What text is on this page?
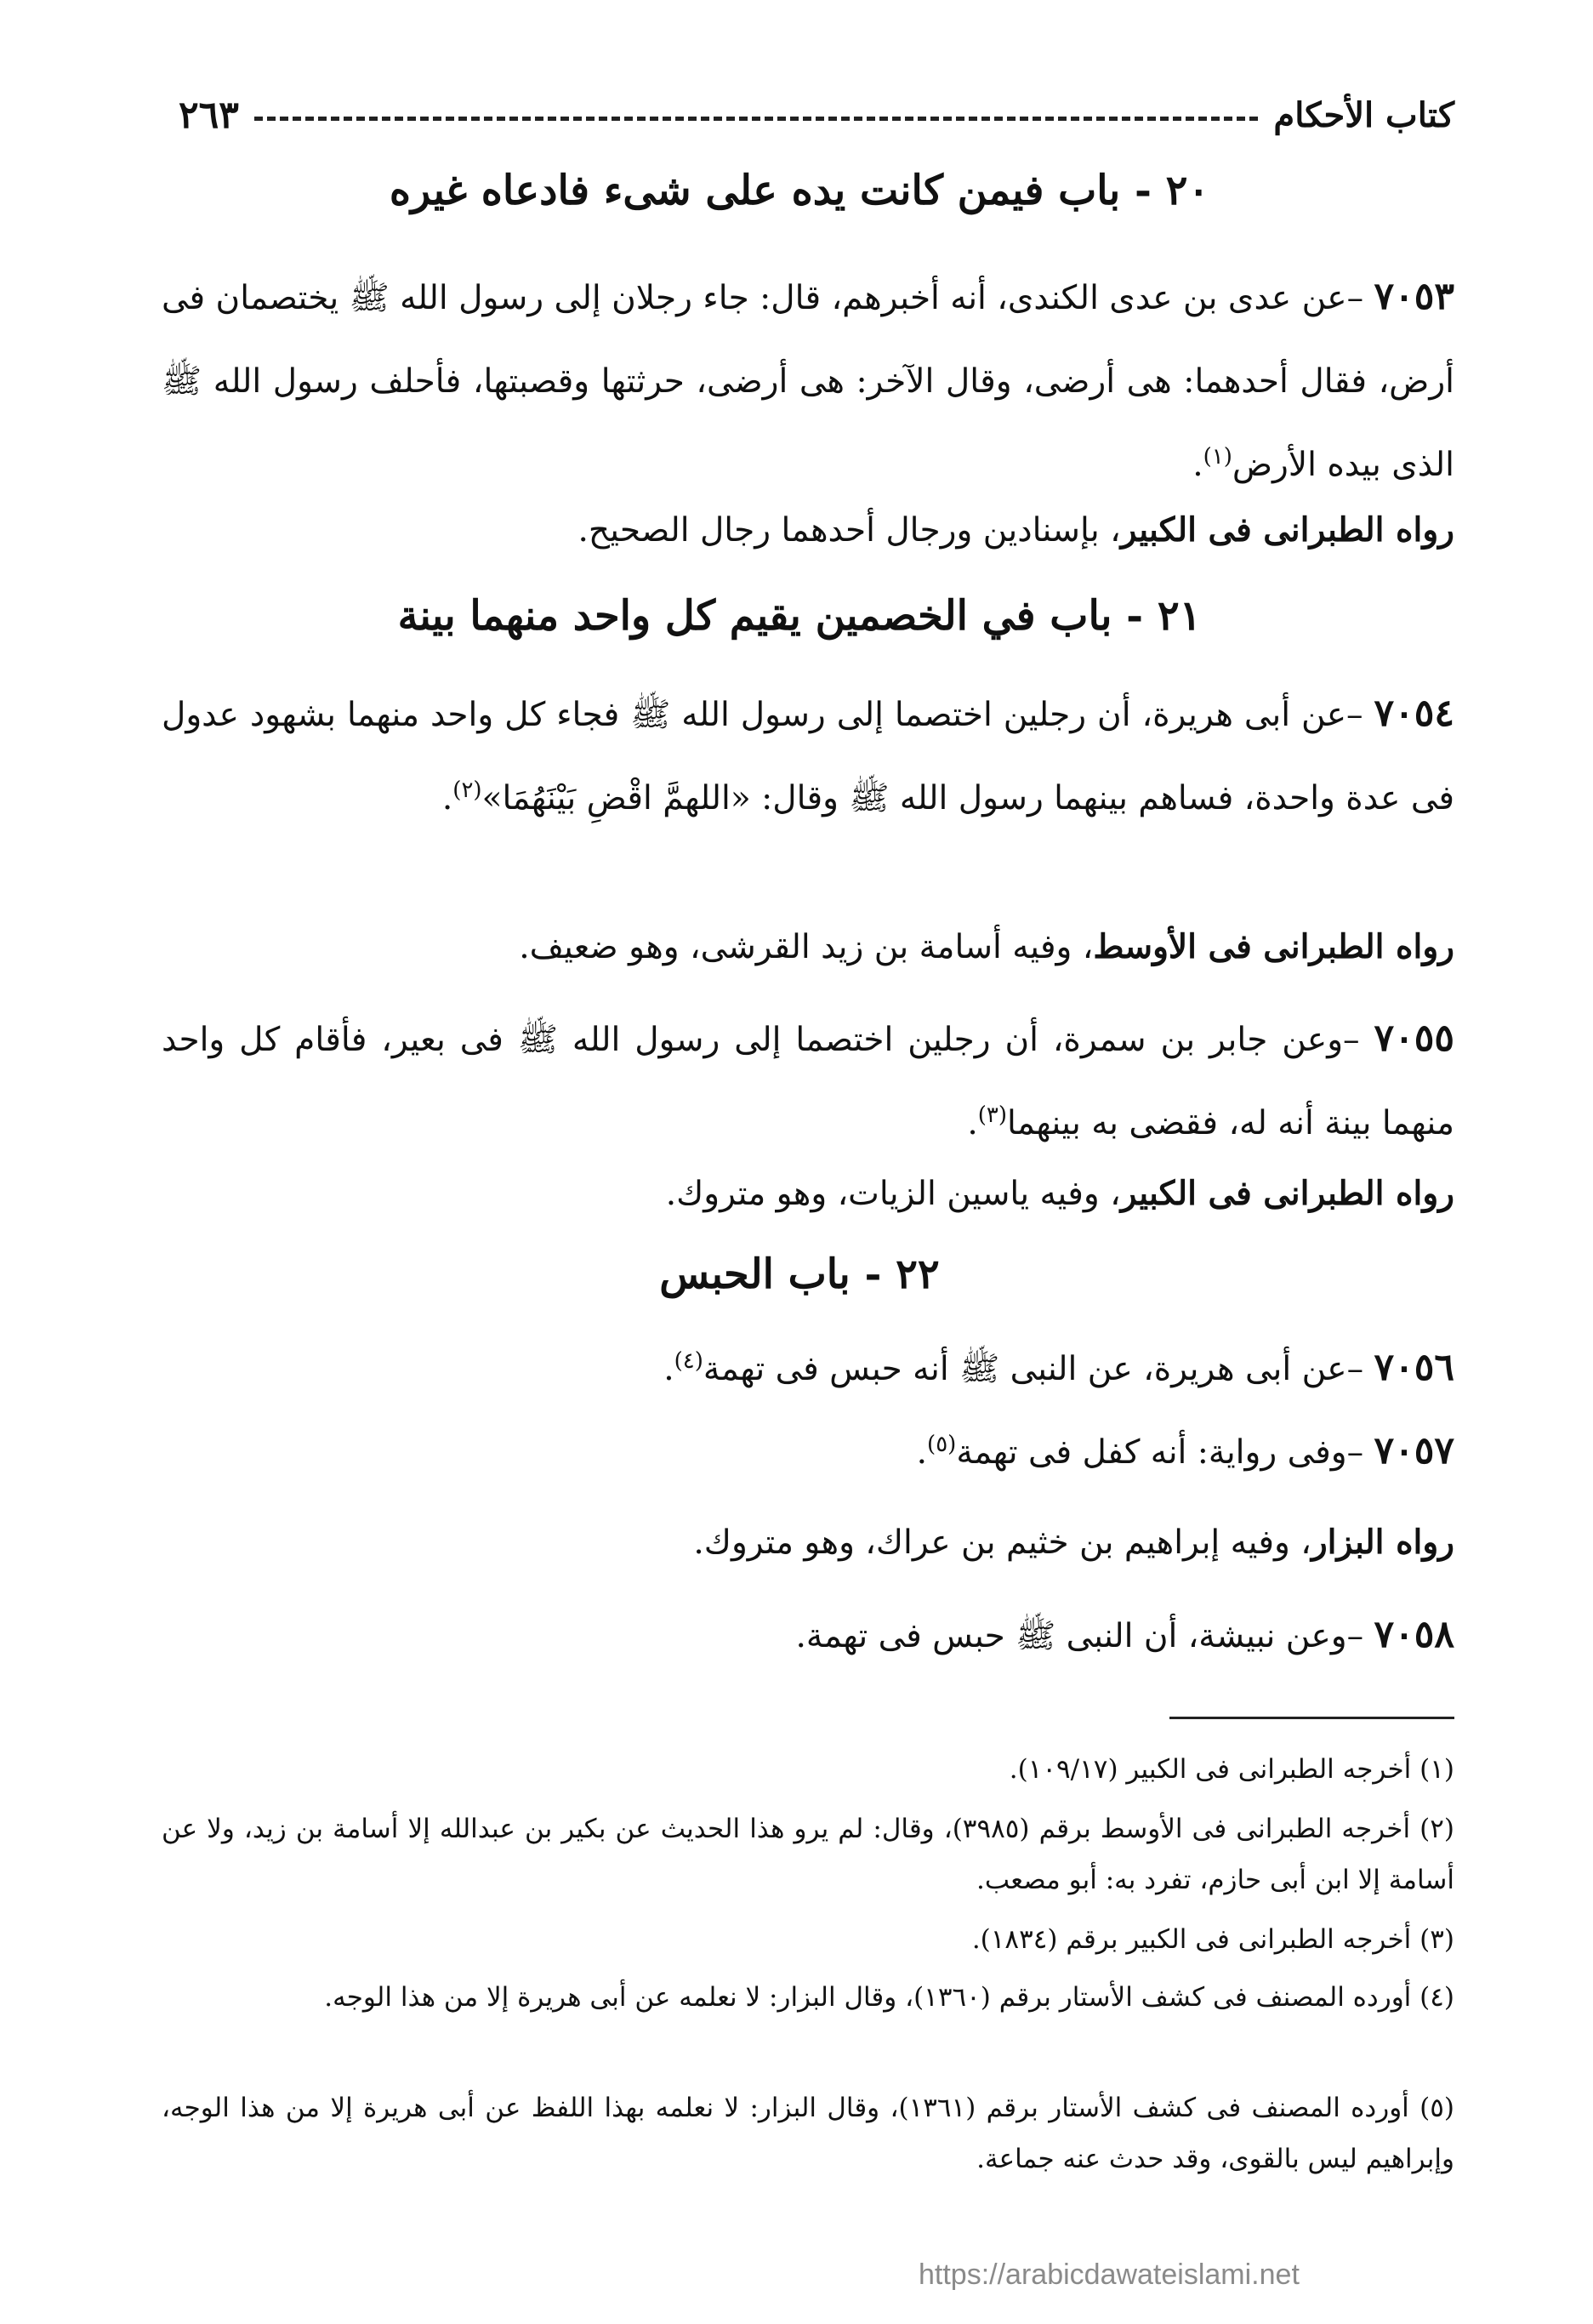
كتاب الأحكام
٢٦٣
٢٠ - باب فيمن كانت يده على شىء فادعاه غيره
٧٠٥٣ –عن عدى بن عدى الكندى، أنه أخبرهم، قال: جاء رجلان إلى رسول الله ﷺ يختصمان فى أرض، فقال أحدهما: هى أرضى، وقال الآخر: هى أرضى، حرثتها وقصبتها، فأحلف رسول الله ﷺ الذى بيده الأرض$^{(١)}$.
رواه الطبرانى فى الكبير، بإسنادين ورجال أحدهما رجال الصحيح.
٢١ - باب في الخصمين يقيم كل واحد منهما بينة
٧٠٥٤ –عن أبى هريرة، أن رجلين اختصما إلى رسول الله ﷺ فجاء كل واحد منهما بشهود عدول فى عدة واحدة، فساهم بينهما رسول الله ﷺ وقال: «اللهمَّ اقْضِ بَيْنَهُمَا»$^{(٢)}$.
رواه الطبرانى فى الأوسط، وفيه أسامة بن زيد القرشى، وهو ضعيف.
٧٠٥٥ –وعن جابر بن سمرة، أن رجلين اختصما إلى رسول الله ﷺ فى بعير، فأقام كل واحد منهما بينة أنه له، فقضى به بينهما$^{(٣)}$.
رواه الطبرانى فى الكبير، وفيه ياسين الزيات، وهو متروك.
٢٢ - باب الحبس
٧٠٥٦ –عن أبى هريرة، عن النبى ﷺ أنه حبس فى تهمة$^{(٤)}$.
٧٠٥٧ –وفى رواية: أنه كفل فى تهمة$^{(٥)}$.
رواه البزار، وفيه إبراهيم بن خثيم بن عراك، وهو متروك.
٧٠٥٨ –وعن نبيشة، أن النبى ﷺ حبس فى تهمة.
(١) أخرجه الطبرانى فى الكبير (١٠٩/١٧).
(٢) أخرجه الطبرانى فى الأوسط برقم (٣٩٨٥)، وقال: لم يرو هذا الحديث عن بكير بن عبدالله إلا أسامة بن زيد، ولا عن أسامة إلا ابن أبى حازم، تفرد به: أبو مصعب.
(٣) أخرجه الطبرانى فى الكبير برقم (١٨٣٤).
(٤) أورده المصنف فى كشف الأستار برقم (١٣٦٠)، وقال البزار: لا نعلمه عن أبى هريرة إلا من هذا الوجه.
(٥) أورده المصنف فى كشف الأستار برقم (١٣٦١)، وقال البزار: لا نعلمه بهذا اللفظ عن أبى هريرة إلا من هذا الوجه، وإبراهيم ليس بالقوى، وقد حدث عنه جماعة.
https://arabicdawateislami.net
